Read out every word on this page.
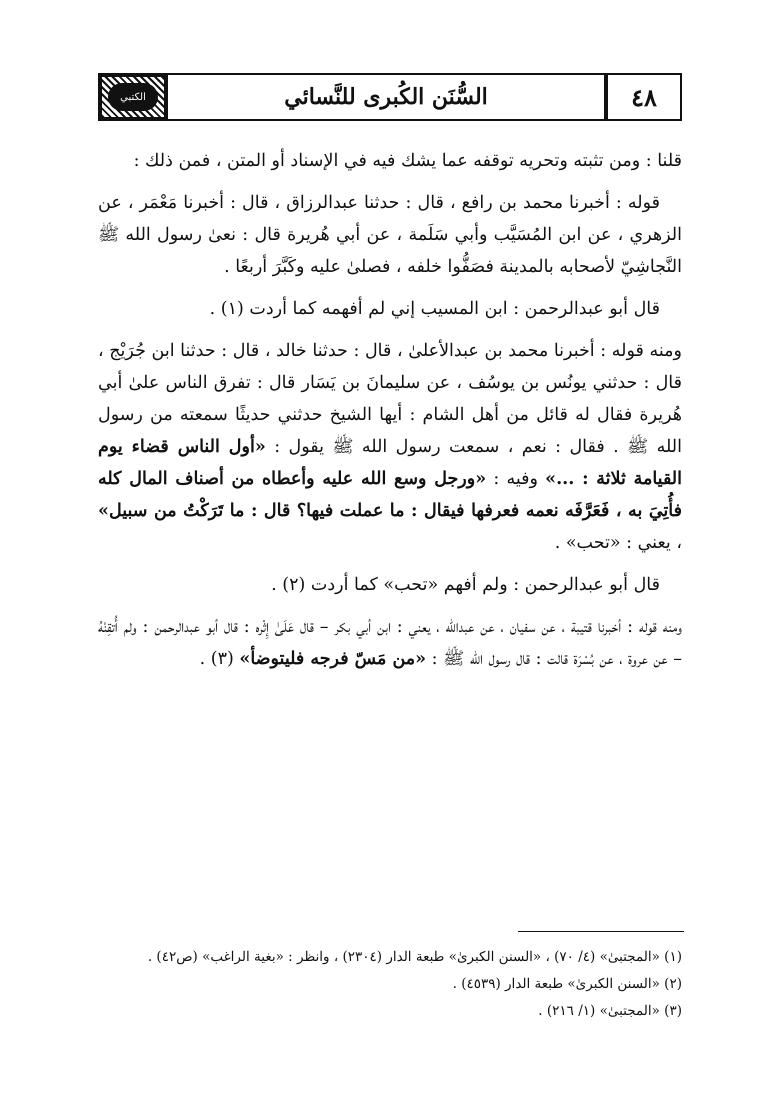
الكتبي	السُّنَن الكُبرى للنَّسائي	٤٨

قلنا : ومن تثبته وتحريه توقفه عما يشك فيه في الإسناد أو المتن ، فمن ذلك :

قوله : أخبرنا محمد بن رافع ، قال : حدثنا عبدالرزاق ، قال : أخبرنا مَعْمَر ، عن الزهري ، عن ابن المُسَيَّب وأبي سَلَمة ، عن أبي هُريرة قال : نعىٰ رسول الله ﷺ النَّجاشِيّ لأصحابه بالمدينة فصَفُّوا خلفه ، فصلىٰ عليه وكَبَّرَ أربعًا .

قال أبو عبدالرحمن : ابن المسيب إني لم أفهمه كما أردت (١) .

ومنه قوله : أخبرنا محمد بن عبدالأعلىٰ ، قال : حدثنا خالد ، قال : حدثنا ابن جُرَيْج ، قال : حدثني يونُس بن يوسُف ، عن سليمانَ بن يَسَار قال : تفرق الناس علىٰ أبي هُريرة فقال له قائل من أهل الشام : أيها الشيخ حدثني حديثًا سمعته من رسول الله ﷺ . فقال : نعم ، سمعت رسول الله ﷺ يقول : «أول الناس قضاء يوم القيامة ثلاثة : ...» وفيه : «ورجل وسع الله عليه وأعطاه من أصناف المال كله فأُتِيَ به ، فَعَرَّفَه نعمه فعرفها فيقال : ما عملت فيها؟ قال : ما تَرَكْتُ من سبيل» ، يعني : «تحب» .

قال أبو عبدالرحمن : ولم أفهم «تحب» كما أردت (٢) .

ومنه قوله : أخبرنا قتيبة ، عن سفيان ، عن عبدالله ، يعني : ابن أبي بكر – قال عَلَىٰ إِثْره : قال أبو عبدالرحمن : ولم أُتقِنْهُ – عن عروة ، عن بُسْرَة قالت : قال رسول الله ﷺ : «من مَسّ فرجه فليتوضأ» (٣) .

(١) «المجتبىٰ» (٤/ ٧٠) ، «السنن الكبرىٰ» طبعة الدار (٢٣٠٤) ، وانظر : «بغية الراغب» (ص٤٢) .
(٢) «السنن الكبرىٰ» طبعة الدار (٤٥٣٩) .
(٣) «المجتبىٰ» (١/ ٢١٦) .
